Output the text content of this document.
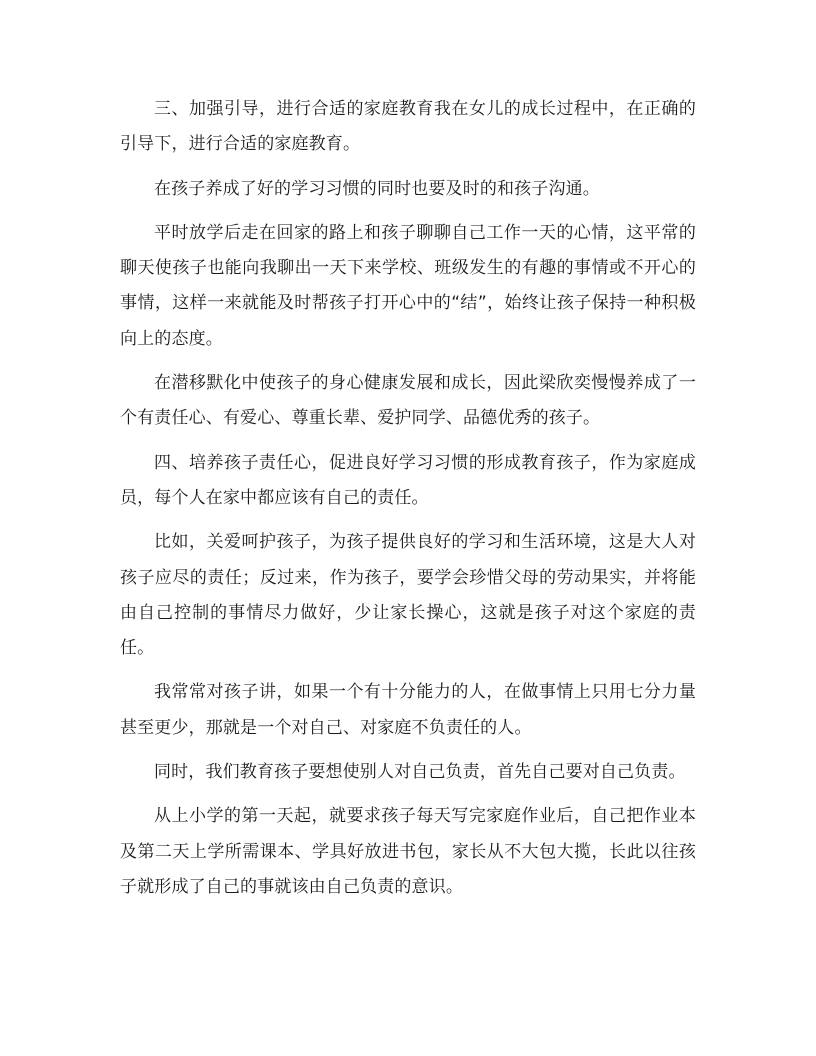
三、加强引导，进行合适的家庭教育我在女儿的成长过程中，在正确的引导下，进行合适的家庭教育。

在孩子养成了好的学习习惯的同时也要及时的和孩子沟通。

平时放学后走在回家的路上和孩子聊聊自己工作一天的心情，这平常的聊天使孩子也能向我聊出一天下来学校、班级发生的有趣的事情或不开心的事情，这样一来就能及时帮孩子打开心中的“结”，始终让孩子保持一种积极向上的态度。

在潜移默化中使孩子的身心健康发展和成长，因此梁欣奕慢慢养成了一个有责任心、有爱心、尊重长辈、爱护同学、品德优秀的孩子。

四、培养孩子责任心，促进良好学习习惯的形成教育孩子，作为家庭成员，每个人在家中都应该有自己的责任。

比如，关爱呵护孩子，为孩子提供良好的学习和生活环境，这是大人对孩子应尽的责任；反过来，作为孩子，要学会珍惜父母的劳动果实，并将能由自己控制的事情尽力做好，少让家长操心，这就是孩子对这个家庭的责任。

我常常对孩子讲，如果一个有十分能力的人，在做事情上只用七分力量甚至更少，那就是一个对自己、对家庭不负责任的人。

同时，我们教育孩子要想使别人对自己负责，首先自己要对自己负责。

从上小学的第一天起，就要求孩子每天写完家庭作业后，自己把作业本及第二天上学所需课本、学具好放进书包，家长从不大包大揽，长此以往孩子就形成了自己的事就该由自己负责的意识。
